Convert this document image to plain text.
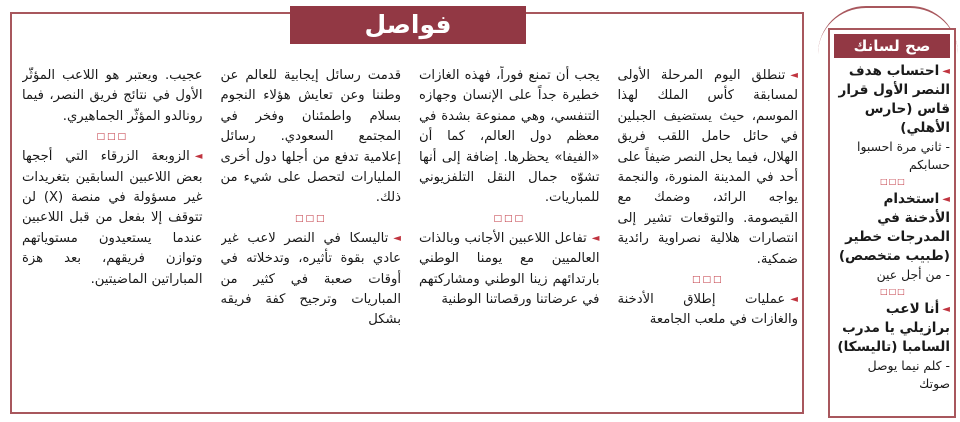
فواصل

عجيب. ويعتبر هو اللاعب المؤثّر الأول في نتائج فريق النصر، فيما رونالدو المؤثّر الجماهيري.

□□□

◄الزوبعة الزرقاء التي أججها بعض اللاعبين السابقين بتغريدات غير مسؤولة في منصة (X) لن تتوقف إلا بفعل من قبل اللاعبين عندما يستعيدون مستوياتهم وتوازن فريقهم، بعد هزة المباراتين الماضيتين.

قدمت رسائل إيجابية للعالم عن وطننا وعن تعايش هؤلاء النجوم بسلام واطمئنان وفخر في المجتمع السعودي. رسائل إعلامية تدفع من أجلها دول أخرى المليارات لتحصل على شيء من ذلك.

□□□

◄تاليسكا في النصر لاعب غير عادي بقوة تأثيره، وتدخلاته في أوقات صعبة في كثير من المباريات وترجيح كفة فريقه بشكل

يجب أن تمنع فوراً، فهذه الغازات خطيرة جداً على الإنسان وجهازه التنفسي، وهي ممنوعة بشدة في معظم دول العالم، كما أن «الفيفا» يحظرها. إضافة إلى أنها تشوّه جمال النقل التلفزيوني للمباريات.

□□□

◄تفاعل اللاعبين الأجانب وبالذات العالميين مع يومنا الوطني بارتدائهم زينا الوطني ومشاركتهم في عرضاتنا ورقصاتنا الوطنية

◄تنطلق اليوم المرحلة الأولى لمسابقة كأس الملك لهذا الموسم، حيث يستضيف الجبلين في حائل حامل اللقب فريق الهلال، فيما يحل النصر ضيفاً على أحد في المدينة المنورة، والنجمة يواجه الرائد، وضمك مع القيصومة. والتوقعات تشير إلى انتصارات هلالية نصراوية رائدية ضمكية.

□□□

◄عمليات إطلاق الأدخنة والغازات في ملعب الجامعة

صح لسانك

◄احتساب هدف النصر الأول قرار قاس (حارس الأهلي)

- ثاني مرة احسبوا حسابكم

□□□

◄استخدام الأدخنة في المدرجات خطير (طبيب متخصص)

- من أجل عين

□□□

◄أنا لاعب برازيلي يا مدرب السامبا (تاليسكا)

- كلم نيما يوصل صوتك
